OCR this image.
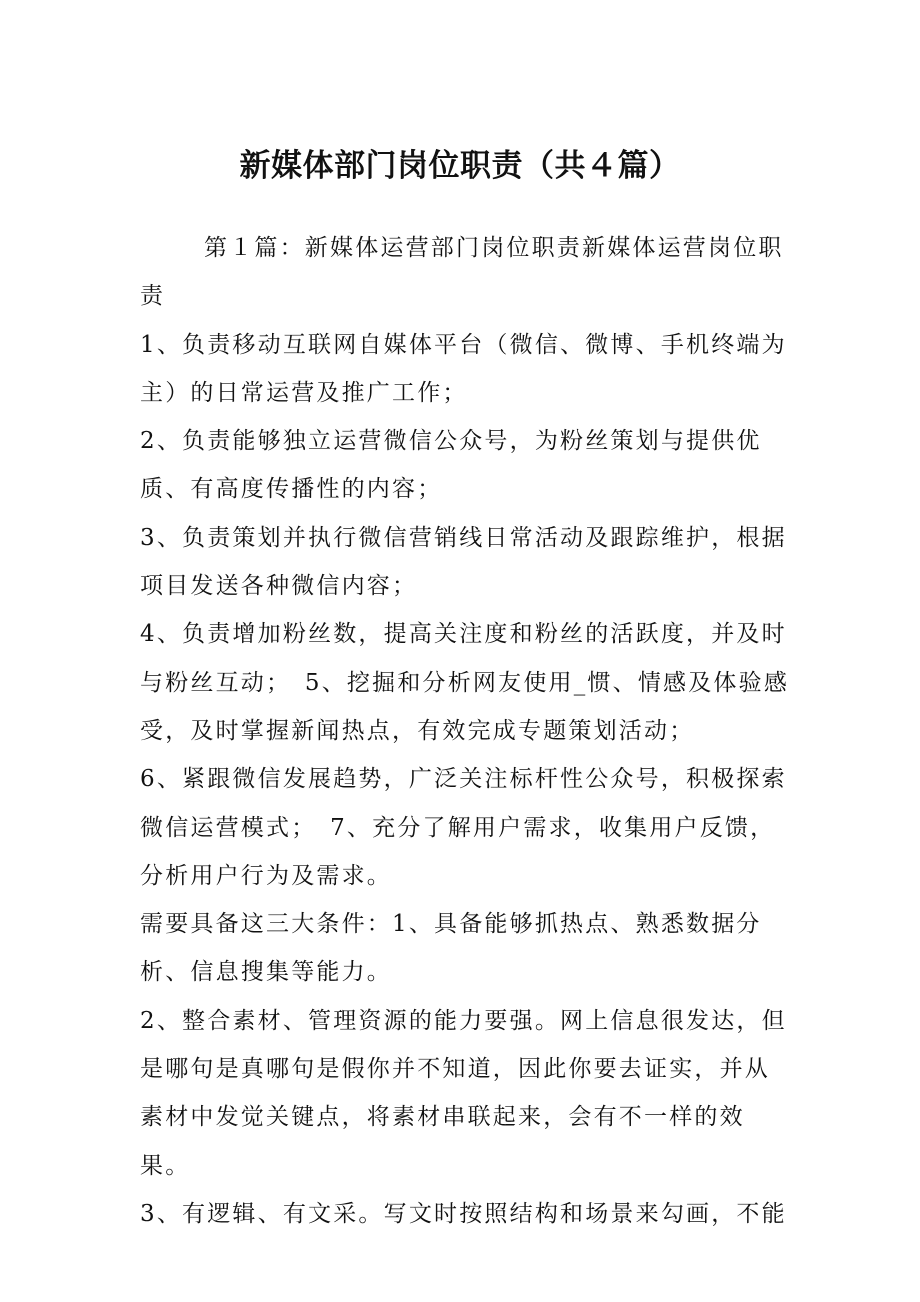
新媒体部门岗位职责（共４篇）

第１篇：新媒体运营部门岗位职责新媒体运营岗位职责

1、负责移动互联网自媒体平台（微信、微博、手机终端为主）的日常运营及推广工作；

2、负责能够独立运营微信公众号，为粉丝策划与提供优质、有高度传播性的内容；

3、负责策划并执行微信营销线日常活动及跟踪维护，根据项目发送各种微信内容；

4、负责增加粉丝数，提高关注度和粉丝的活跃度，并及时与粉丝互动；　5、挖掘和分析网友使用_惯、情感及体验感受，及时掌握新闻热点，有效完成专题策划活动；

6、紧跟微信发展趋势，广泛关注标杆性公众号，积极探索微信运营模式；　7、充分了解用户需求，收集用户反馈，分析用户行为及需求。

需要具备这三大条件：1、具备能够抓热点、熟悉数据分析、信息搜集等能力。

2、整合素材、管理资源的能力要强。网上信息很发达，但是哪句是真哪句是假你并不知道，因此你要去证实，并从素材中发觉关键点，将素材串联起来，会有不一样的效果。

3、有逻辑、有文采。写文时按照结构和场景来勾画，不能
